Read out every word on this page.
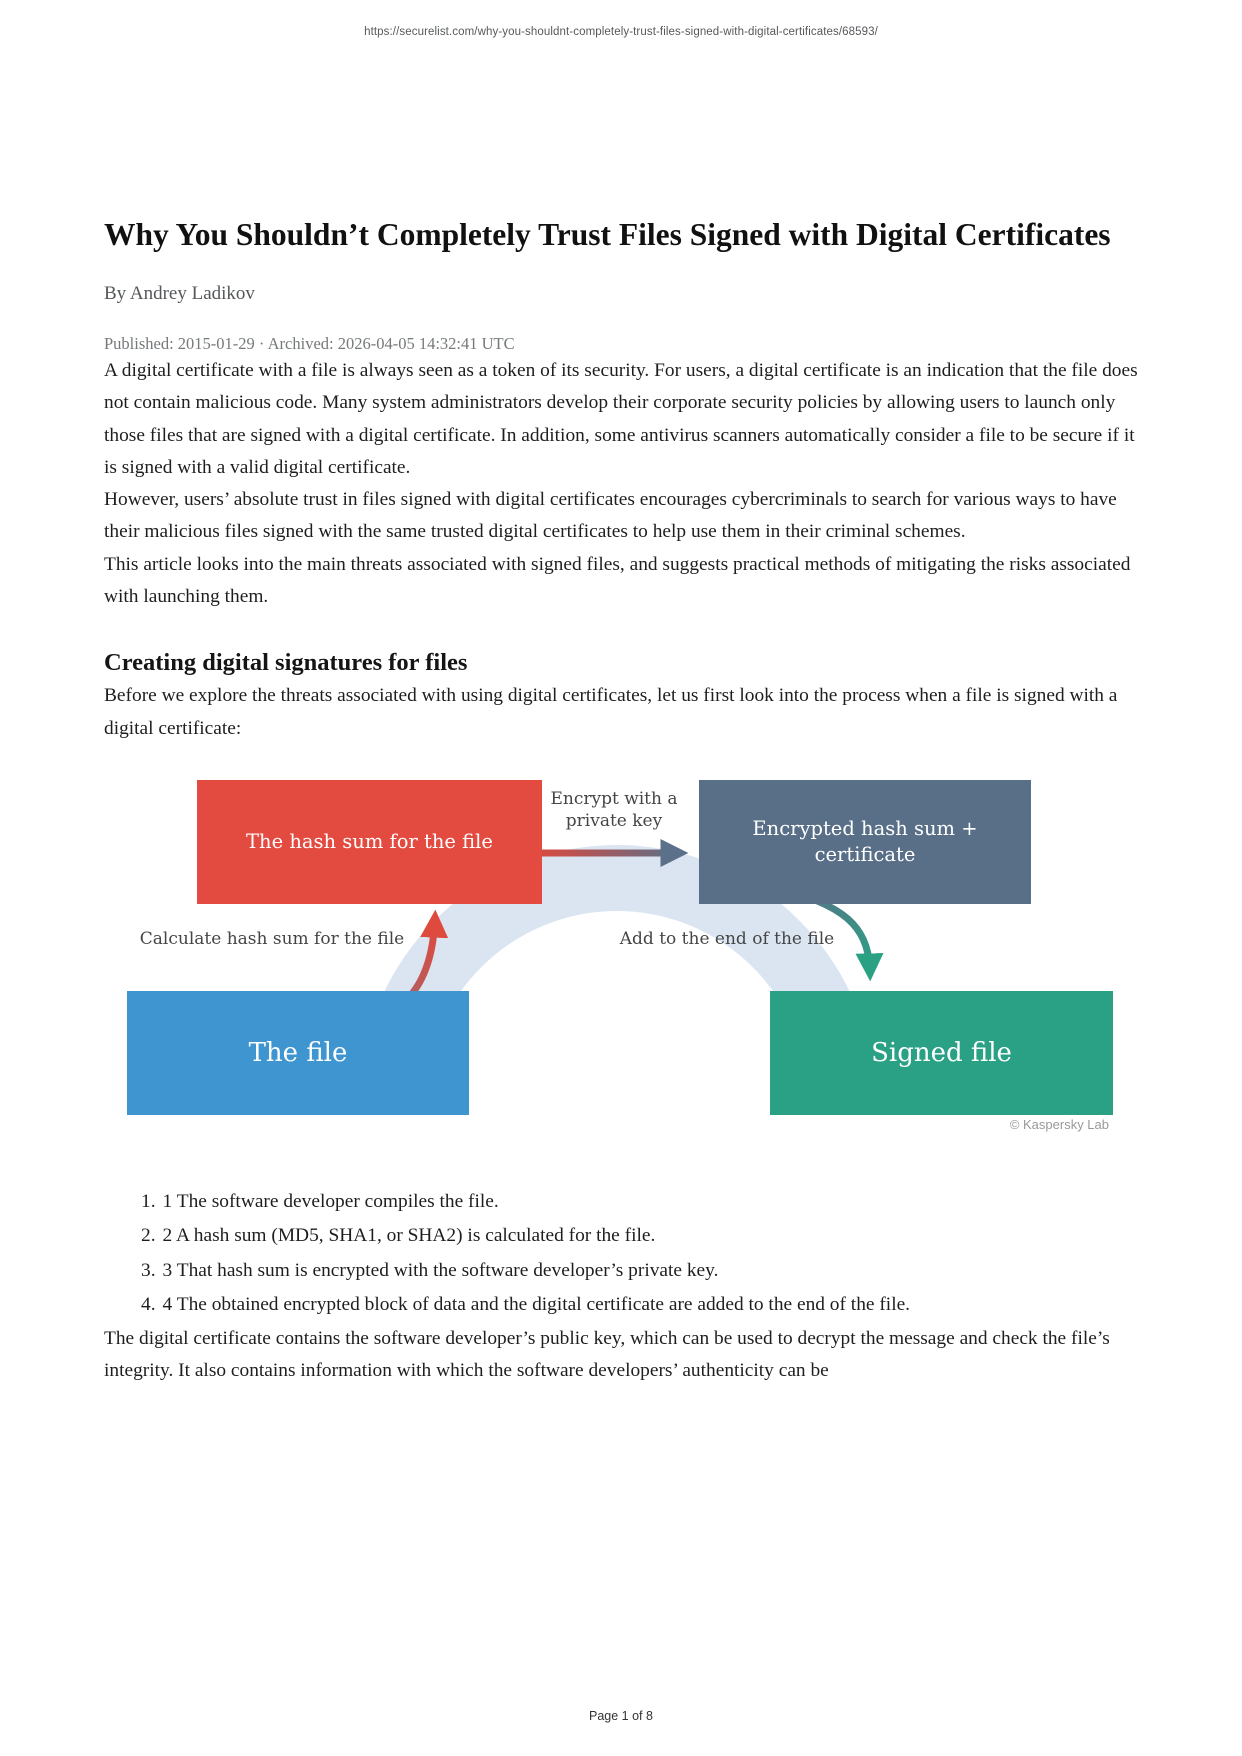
https://securelist.com/why-you-shouldnt-completely-trust-files-signed-with-digital-certificates/68593/
Why You Shouldn’t Completely Trust Files Signed with Digital Certificates
By Andrey Ladikov
Published: 2015-01-29 · Archived: 2026-04-05 14:32:41 UTC

A digital certificate with a file is always seen as a token of its security. For users, a digital certificate is an indication that the file does not contain malicious code. Many system administrators develop their corporate security policies by allowing users to launch only those files that are signed with a digital certificate. In addition, some antivirus scanners automatically consider a file to be secure if it is signed with a valid digital certificate.

However, users’ absolute trust in files signed with digital certificates encourages cybercriminals to search for various ways to have their malicious files signed with the same trusted digital certificates to help use them in their criminal schemes.

This article looks into the main threats associated with signed files, and suggests practical methods of mitigating the risks associated with launching them.

Creating digital signatures for files

Before we explore the threats associated with using digital certificates, let us first look into the process when a file is signed with a digital certificate:

The hash sum for the file
Encrypted hash sum + certificate
The file	Signed file
Encrypt with a private key
Calculate hash sum for the file	Add to the end of the file
© Kaspersky Lab
1. 1 The software developer compiles the file.
2. 2 A hash sum (MD5, SHA1, or SHA2) is calculated for the file.
3. 3 That hash sum is encrypted with the software developer’s private key.
4. 4 The obtained encrypted block of data and the digital certificate are added to the end of the file.

The digital certificate contains the software developer’s public key, which can be used to decrypt the message and check the file’s integrity. It also contains information with which the software developers’ authenticity can be

Page 1 of 8
